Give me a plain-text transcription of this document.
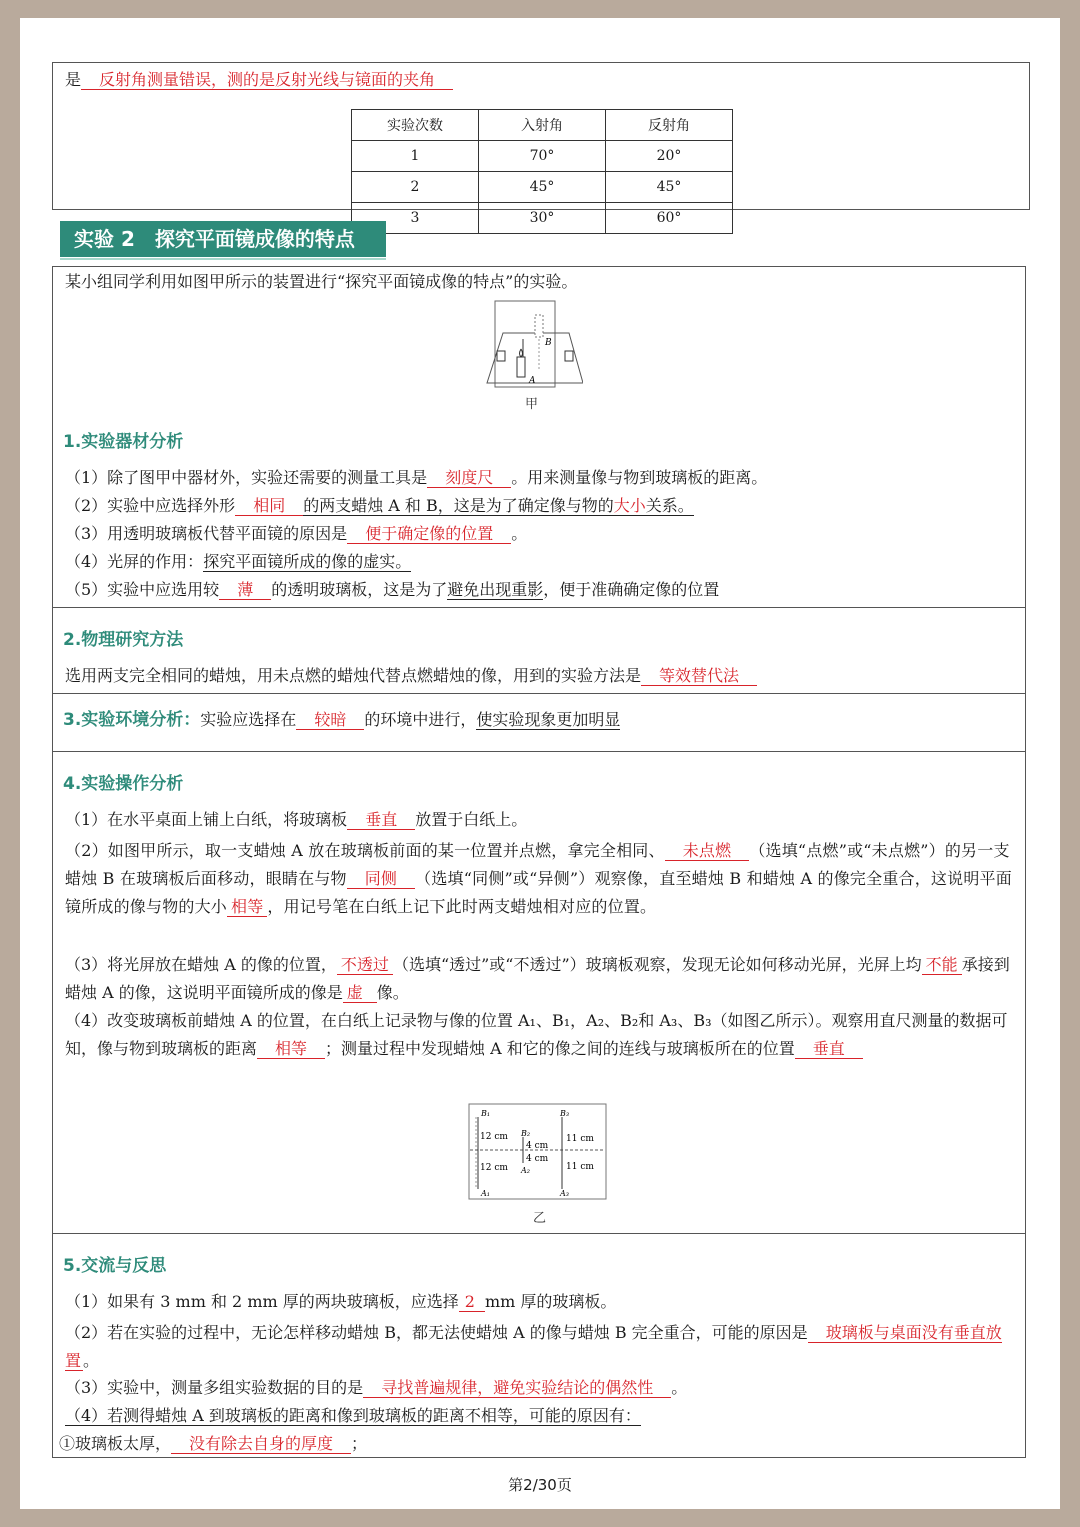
是 反射角测量错误，测的是反射光线与镜面的夹角
实验次数	入射角	反射角
1	70°	20°
2	45°	45°
3	30°	60°
实验 2　探究平面镜成像的特点
某小组同学利用如图甲所示的装置进行“探究平面镜成像的特点”的实验。
B
A
甲
1.实验器材分析
（1）除了图甲中器材外，实验还需要的测量工具是 刻度尺 。用来测量像与物到玻璃板的距离。
（2）实验中应选择外形 相同 的两支蜡烛 A 和 B，这是为了确定像与物的大小关系。
（3）用透明玻璃板代替平面镜的原因是 便于确定像的位置 。
（4）光屏的作用：探究平面镜所成的像的虚实。
（5）实验中应选用较 薄 的透明玻璃板，这是为了避免出现重影，便于准确确定像的位置
2.物理研究方法
选用两支完全相同的蜡烛，用未点燃的蜡烛代替点燃蜡烛的像，用到的实验方法是 等效替代法
3.实验环境分析：实验应选择在 较暗 的环境中进行，使实验现象更加明显
4.实验操作分析
（1）在水平桌面上铺上白纸，将玻璃板 垂直 放置于白纸上。
（2）如图甲所示，取一支蜡烛 A 放在玻璃板前面的某一位置并点燃，拿完全相同、 未点燃 （选填“点燃”或“未点燃”）的另一支蜡烛 B 在玻璃板后面移动，眼睛在与物 同侧 （选填“同侧”或“异侧”）观察像，直至蜡烛 B 和蜡烛 A 的像完全重合，这说明平面镜所成的像与物的大小 相等 ，用记号笔在白纸上记下此时两支蜡烛相对应的位置。
（3）将光屏放在蜡烛 A 的像的位置， 不透过 （选填“透过”或“不透过”）玻璃板观察，发现无论如何移动光屏，光屏上均 不能 承接到蜡烛 A 的像，这说明平面镜所成的像是 虚 像。
（4）改变玻璃板前蜡烛 A 的位置，在白纸上记录物与像的位置 A₁、B₁，A₂、B₂和 A₃、B₃（如图乙所示）。观察用直尺测量的数据可知，像与物到玻璃板的距离 相等 ；测量过程中发现蜡烛 A 和它的像之间的连线与玻璃板所在的位置 垂直
B₁
A₁
12 cm
12 cm
B₂
A₂
4 cm
4 cm
B₃
A₃
11 cm
11 cm
乙
5.交流与反思
（1）如果有 3 mm 和 2 mm 厚的两块玻璃板，应选择 2 mm 厚的玻璃板。
（2）若在实验的过程中，无论怎样移动蜡烛 B，都无法使蜡烛 A 的像与蜡烛 B 完全重合，可能的原因是 玻璃板与桌面没有垂直放置 。
（3）实验中，测量多组实验数据的目的是 寻找普遍规律，避免实验结论的偶然性 。
（4）若测得蜡烛 A 到玻璃板的距离和像到玻璃板的距离不相等，可能的原因有：
①玻璃板太厚， 没有除去自身的厚度 ；
第2/30页
